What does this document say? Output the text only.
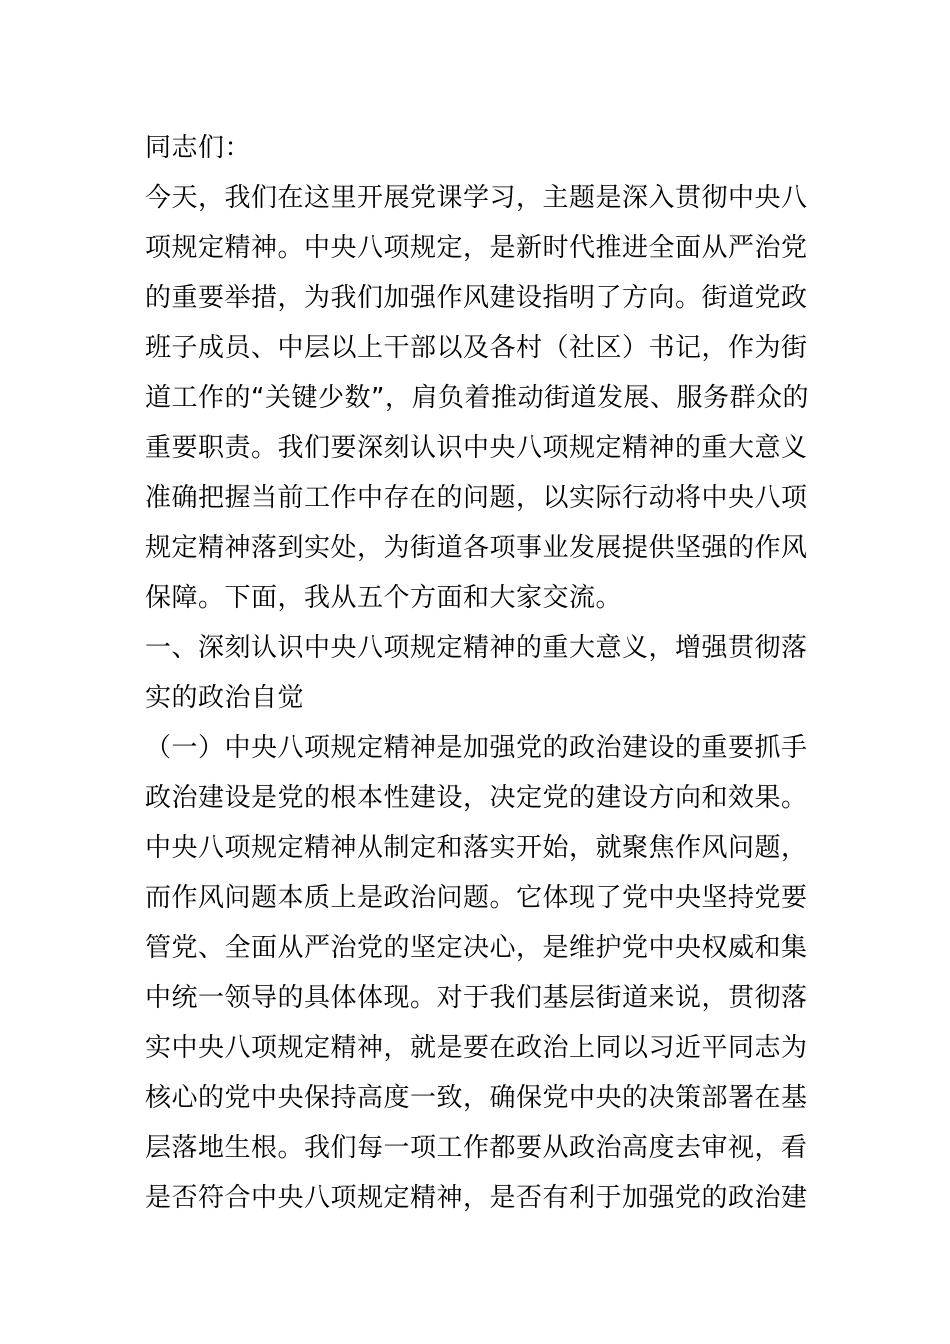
同志们：
今天，我们在这里开展党课学习，主题是深入贯彻中央八
项规定精神。中央八项规定，是新时代推进全面从严治党
的重要举措，为我们加强作风建设指明了方向。街道党政
班子成员、中层以上干部以及各村（社区）书记，作为街
道工作的“关键少数”，肩负着推动街道发展、服务群众的
重要职责。我们要深刻认识中央八项规定精神的重大意义
准确把握当前工作中存在的问题，以实际行动将中央八项
规定精神落到实处，为街道各项事业发展提供坚强的作风
保障。下面，我从五个方面和大家交流。
一、深刻认识中央八项规定精神的重大意义，增强贯彻落
实的政治自觉
（一）中央八项规定精神是加强党的政治建设的重要抓手
政治建设是党的根本性建设，决定党的建设方向和效果。
中央八项规定精神从制定和落实开始，就聚焦作风问题，
而作风问题本质上是政治问题。它体现了党中央坚持党要
管党、全面从严治党的坚定决心，是维护党中央权威和集
中统一领导的具体体现。对于我们基层街道来说，贯彻落
实中央八项规定精神，就是要在政治上同以习近平同志为
核心的党中央保持高度一致，确保党中央的决策部署在基
层落地生根。我们每一项工作都要从政治高度去审视，看
是否符合中央八项规定精神，是否有利于加强党的政治建
